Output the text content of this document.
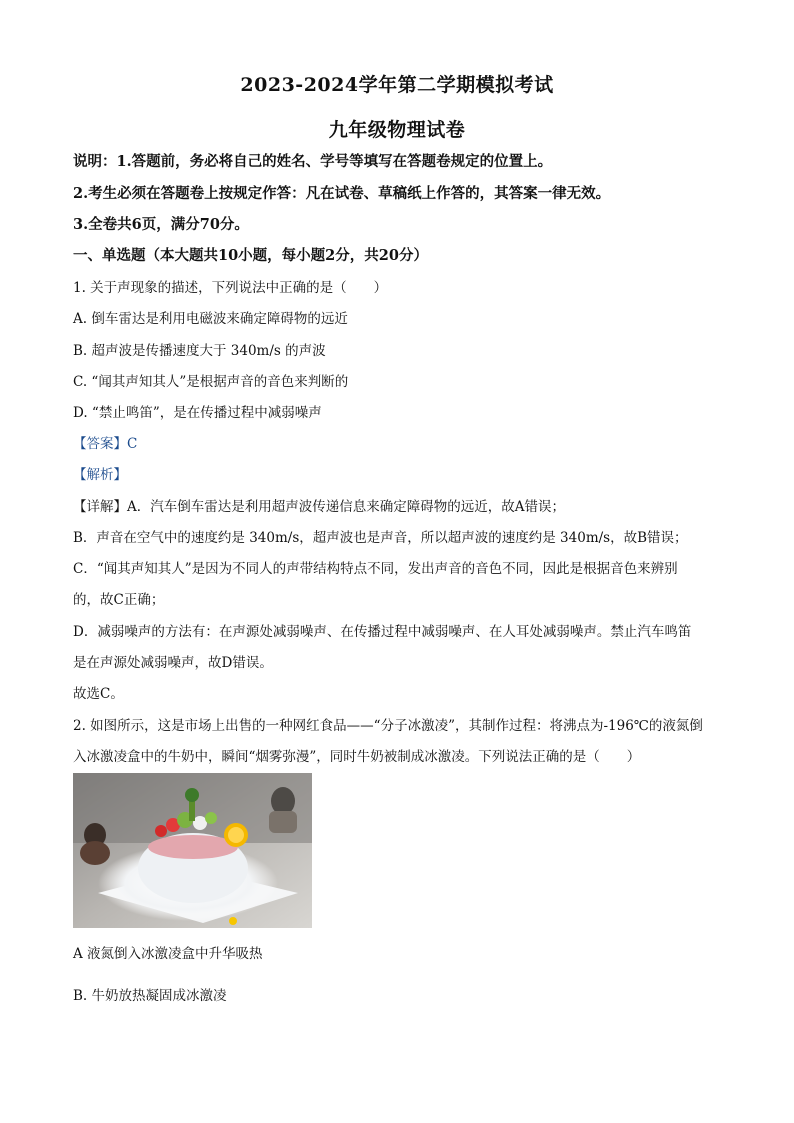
2023-2024学年第二学期模拟考试
九年级物理试卷
说明：1.答题前，务必将自己的姓名、学号等填写在答题卷规定的位置上。
2.考生必须在答题卷上按规定作答：凡在试卷、草稿纸上作答的，其答案一律无效。
3.全卷共6页，满分70分。
一、单选题（本大题共10小题，每小题2分，共20分）
1. 关于声现象的描述，下列说法中正确的是（　　）
A. 倒车雷达是利用电磁波来确定障碍物的远近
B. 超声波是传播速度大于 340m/s 的声波
C. “闻其声知其人”是根据声音的音色来判断的
D. “禁止鸣笛”，是在传播过程中减弱噪声
【答案】C
【解析】
【详解】A．汽车倒车雷达是利用超声波传递信息来确定障碍物的远近，故A错误；
B．声音在空气中的速度约是 340m/s，超声波也是声音，所以超声波的速度约是 340m/s，故B错误；
C．“闻其声知其人”是因为不同人的声带结构特点不同，发出声音的音色不同，因此是根据音色来辨别
的，故C正确；
D．减弱噪声的方法有：在声源处减弱噪声、在传播过程中减弱噪声、在人耳处减弱噪声。禁止汽车鸣笛
是在声源处减弱噪声，故D错误。
故选C。
2. 如图所示，这是市场上出售的一种网红食品——“分子冰激凌”，其制作过程：将沸点为-196℃的液氮倒
入冰激凌盒中的牛奶中，瞬间“烟雾弥漫”，同时牛奶被制成冰激凌。下列说法正确的是（　　）
A 液氮倒入冰激凌盒中升华吸热
B. 牛奶放热凝固成冰激凌
